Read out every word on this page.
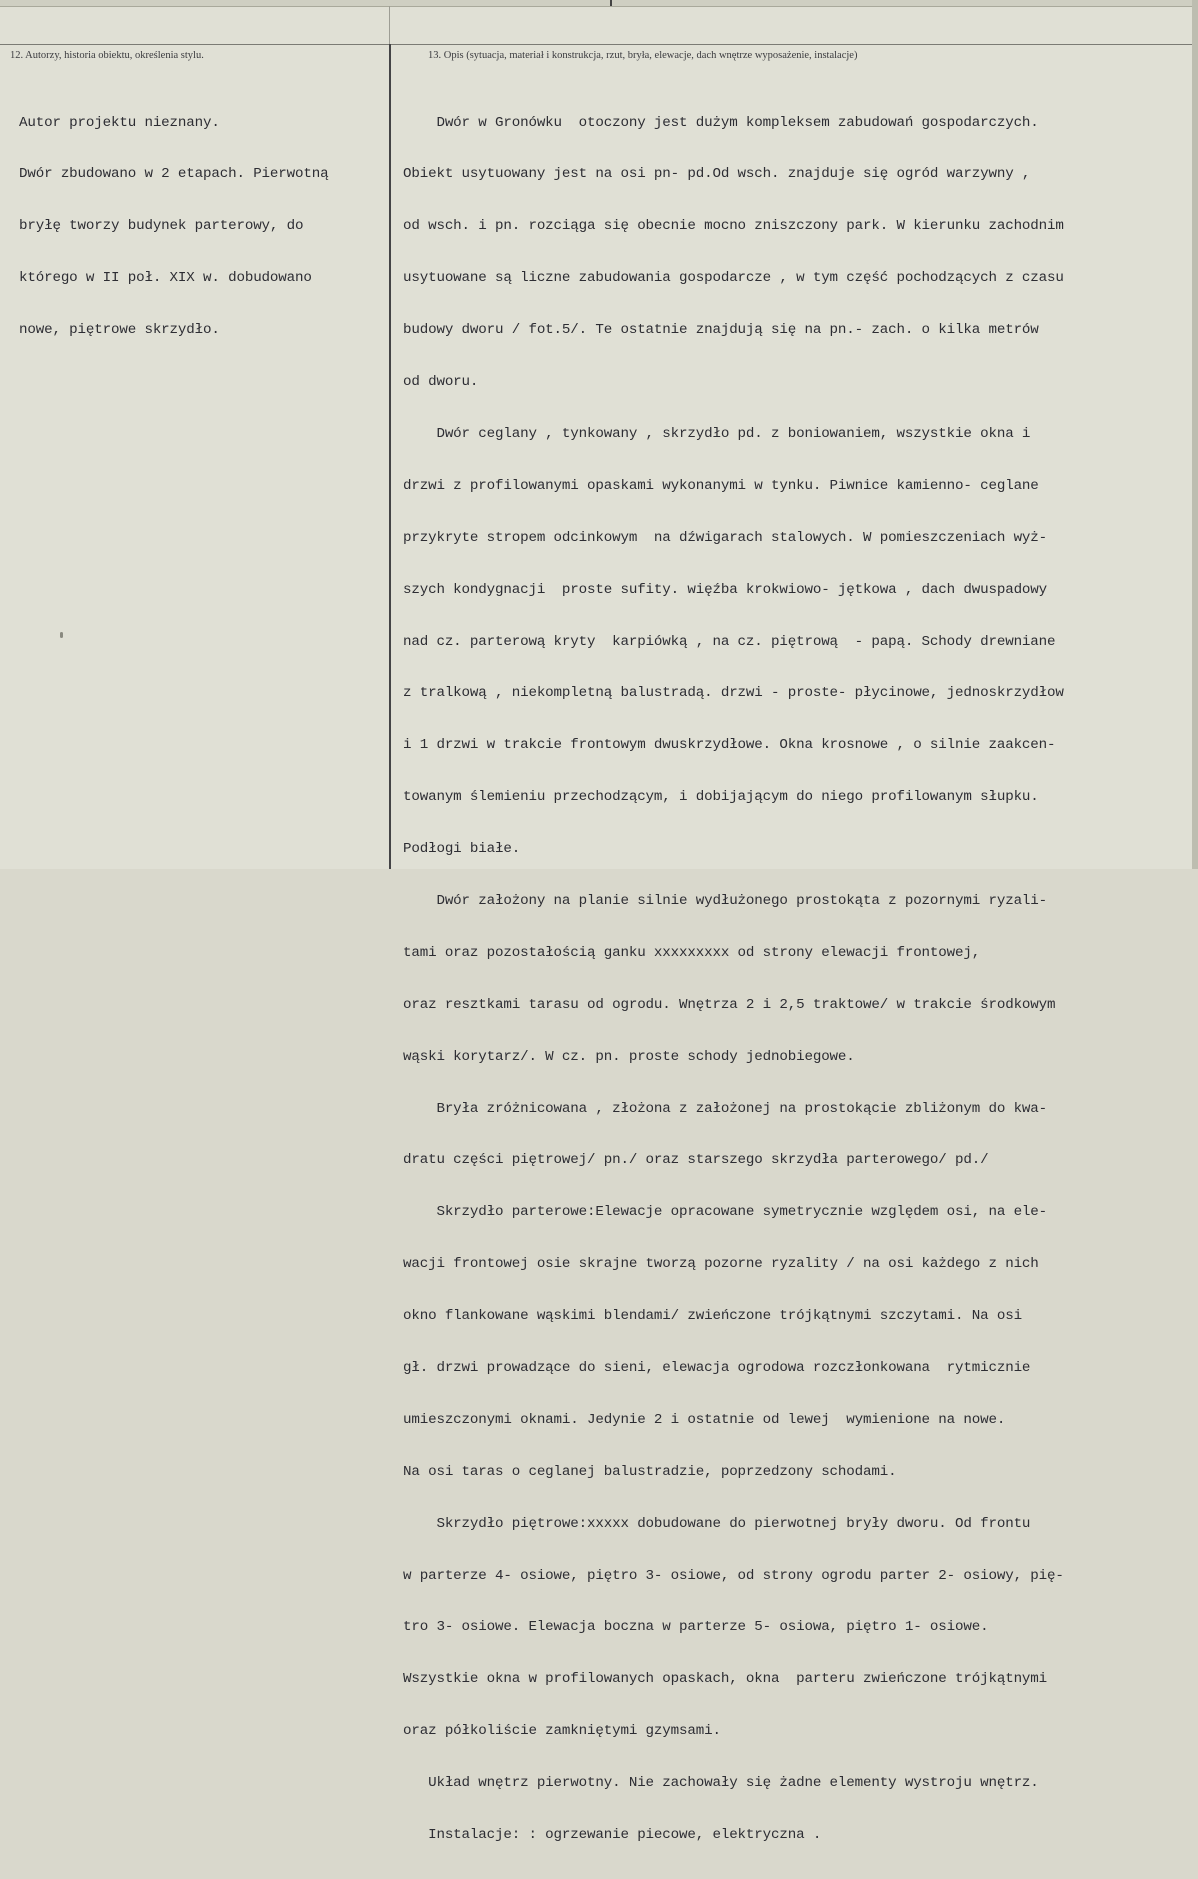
12. Autorzy, historia obiektu, określenia stylu.	13. Opis (sytuacja, materiał i konstrukcja, rzut, bryła, elewacje, dach wnętrze wyposażenie, instalacje)

Autor projektu nieznany.

Dwór zbudowano w 2 etapach. Pierwotną

bryłę tworzy budynek parterowy, do

którego w II poł. XIX w. dobudowano

nowe, piętrowe skrzydło.

Dwór w Gronówku  otoczony jest dużym kompleksem zabudowań gospodarczych.

Obiekt usytuowany jest na osi pn- pd.Od wsch. znajduje się ogród warzywny ,

od wsch. i pn. rozciąga się obecnie mocno zniszczony park. W kierunku zachodnim

usytuowane są liczne zabudowania gospodarcze , w tym część pochodzących z czasu

budowy dworu / fot.5/. Te ostatnie znajdują się na pn.- zach. o kilka metrów

od dworu.

Dwór ceglany , tynkowany , skrzydło pd. z boniowaniem, wszystkie okna i

drzwi z profilowanymi opaskami wykonanymi w tynku. Piwnice kamienno- ceglane

przykryte stropem odcinkowym  na dźwigarach stalowych. W pomieszczeniach wyż-

szych kondygnacji  proste sufity. więźba krokwiowo- jętkowa , dach dwuspadowy

nad cz. parterową kryty  karpiówką , na cz. piętrową  - papą. Schody drewniane

z tralkową , niekompletną balustradą. drzwi - proste- płycinowe, jednoskrzydłow

i 1 drzwi w trakcie frontowym dwuskrzydłowe. Okna krosnowe , o silnie zaakcen-

towanym ślemieniu przechodzącym, i dobijającym do niego profilowanym słupku.

Podłogi białe.

Dwór założony na planie silnie wydłużonego prostokąta z pozornymi ryzali-

tami oraz pozostałością ganku xxxxxxxxx od strony elewacji frontowej,

oraz resztkami tarasu od ogrodu. Wnętrza 2 i 2,5 traktowe/ w trakcie środkowym

wąski korytarz/. W cz. pn. proste schody jednobiegowe.

Bryła zróżnicowana , złożona z założonej na prostokącie zbliżonym do kwa-

dratu części piętrowej/ pn./ oraz starszego skrzydła parterowego/ pd./

Skrzydło parterowe:Elewacje opracowane symetrycznie względem osi, na ele-

wacji frontowej osie skrajne tworzą pozorne ryzality / na osi każdego z nich

okno flankowane wąskimi blendami/ zwieńczone trójkątnymi szczytami. Na osi

gł. drzwi prowadzące do sieni, elewacja ogrodowa rozczłonkowana  rytmicznie

umieszczonymi oknami. Jedynie 2 i ostatnie od lewej  wymienione na nowe.

Na osi taras o ceglanej balustradzie, poprzedzony schodami.

Skrzydło piętrowe:xxxxx dobudowane do pierwotnej bryły dworu. Od frontu

w parterze 4- osiowe, piętro 3- osiowe, od strony ogrodu parter 2- osiowy, pię-

tro 3- osiowe. Elewacja boczna w parterze 5- osiowa, piętro 1- osiowe.

Wszystkie okna w profilowanych opaskach, okna  parteru zwieńczone trójkątnymi

oraz półkoliście zamkniętymi gzymsami.

Układ wnętrz pierwotny. Nie zachowały się żadne elementy wystroju wnętrz.

Instalacje: : ogrzewanie piecowe, elektryczna .
